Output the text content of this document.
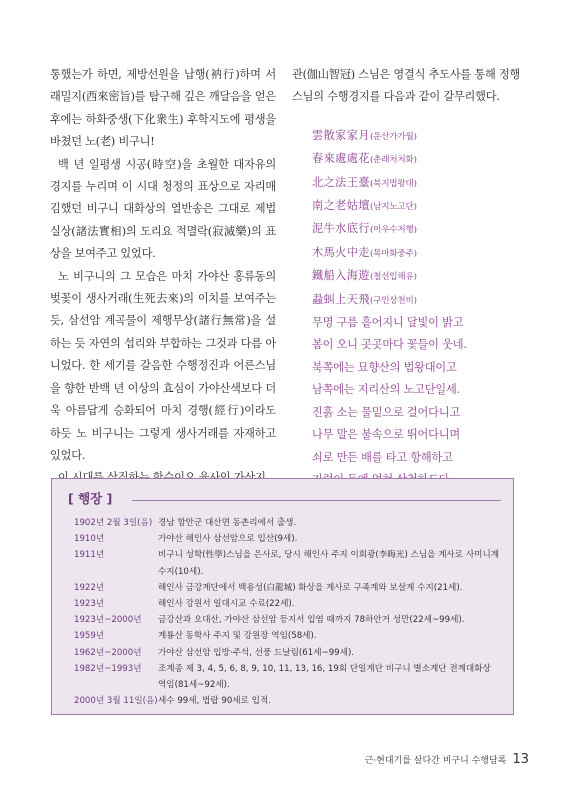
통했는가 하면, 제방선원을 납행(衲行)하며 서래밀지(西來密旨)를 탐구해 깊은 깨달음을 얻은 후에는 하화중생(下化衆生) 후학지도에 평생을 바쳤던 노(老) 비구니!

백 년 일평생 시공(時空)을 초월한 대자유의 경지를 누리며 이 시대 청정의 표상으로 자리매김했던 비구니 대화상의 열반송은 그대로 제법실상(諸法實相)의 도리요 적멸락(寂滅樂)의 표상을 보여주고 있었다.

노 비구니의 그 모습은 마치 가야산 홍류동의 벚꽃이 생사거래(生死去來)의 이치를 보여주는 듯, 삼선암 계곡물이 제행무상(諸行無常)을 설하는 듯 자연의 섭리와 부합하는 그것과 다름 아니었다. 한 세기를 갈음한 수행정진과 어른스님을 향한 반백 년 이상의 효심이 가야산색보다 더욱 아름답게 승화되어 마치 경행(經行)이라도 하듯 노 비구니는 그렇게 생사거래를 자재하고 있었다.

관(伽山智冠) 스님은 영결식 추도사를 통해 정행스님의 수행경지를 다음과 같이 갈무리했다.

雲散家家月(운산가가월)
春來處處花(춘래처처화)
北之法王臺(북지법왕대)
南之老姑壇(남지노고단)
泥牛水底行(이우수저행)
木馬火中走(목마화중주)
鐵船入海遊(철선입해유)
蝨虯上天飛(구인상천비)
무명 구름 흩어지니 달빛이 밝고
봄이 오니 곳곳마다 꽃들이 웃네.
북쪽에는 묘향산의 법왕대이고
남쪽에는 지리산의 노고단일세.
진흙 소는 물밑으로 걸어다니고
나무 말은 불속으로 뛰어다니며
쇠로 만든 배를 타고 항해하고
[ 행장 ]
1902년 2월 3일(음) 경남 함안군 대산면 동촌리에서 출생.
1910년	가야산 해인사 삼선암으로 입산(9세).
1911년	비구니 성학(性學)스님을 은사로, 당시 해인사 주지 이회광(李晦光) 스님을 계사로 사미니계 수지(10세).
1922년	해인사 금강계단에서 백용성(白龍城) 화상을 계사로 구족계와 보살계 수지(21세).
1923년	해인사 강원서 일대시교 수료(22세).
1923년~2000년	금강산과 오대산, 가야산 삼선암 등지서 입염 때까지 78하안거 성만(22세~99세).
1959년	계룡산 동학사 주지 및 강원장 역임(58세).
1962년~2000년	가야산 삼선암 입방·주석, 선풍 드날림(61세~99세).
1982년~1993년	조계종 제 3, 4, 5, 6, 8, 9, 10, 11, 13, 16, 19회 단일계단 비구니 별소계단 전계대화상 역임(81세~92세).
2000년 3월 11일(음) 세수 99세, 법랍 90세로 입적.
근·현대기를 살다간 비구니 수행담록 13
